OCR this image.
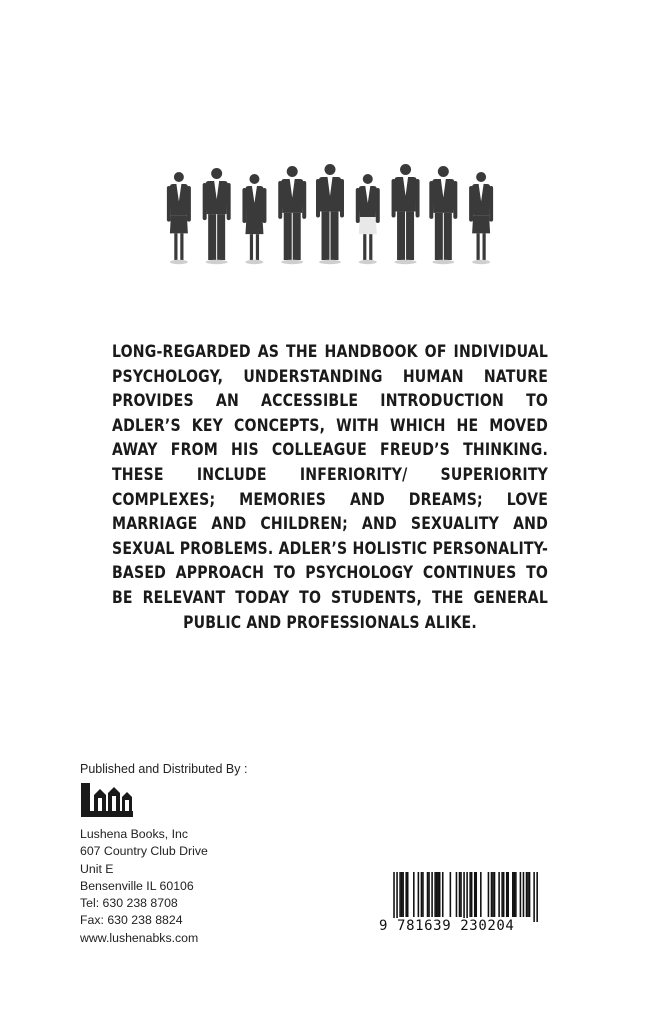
LONG-REGARDED AS THE HANDBOOK OF INDIVIDUAL PSYCHOLOGY, UNDERSTANDING HUMAN NATURE PROVIDES AN ACCESSIBLE INTRODUCTION TO ADLER’S KEY CONCEPTS, WITH WHICH HE MOVED AWAY FROM HIS COLLEAGUE FREUD’S THINKING. THESE INCLUDE INFERIORITY/ SUPERIORITY COMPLEXES; MEMORIES AND DREAMS; LOVE MARRIAGE AND CHILDREN; AND SEXUALITY AND SEXUAL PROBLEMS. ADLER’S HOLISTIC PERSONALITY-BASED APPROACH TO PSYCHOLOGY CONTINUES TO BE RELEVANT TODAY TO STUDENTS, THE GENERAL PUBLIC AND PROFESSIONALS ALIKE.
Published and Distributed By :
Lushena Books, Inc
607 Country Club Drive
Unit E
Bensenville IL 60106
Tel: 630 238 8708
Fax: 630 238 8824
www.lushenabks.com
9 781639 230204
